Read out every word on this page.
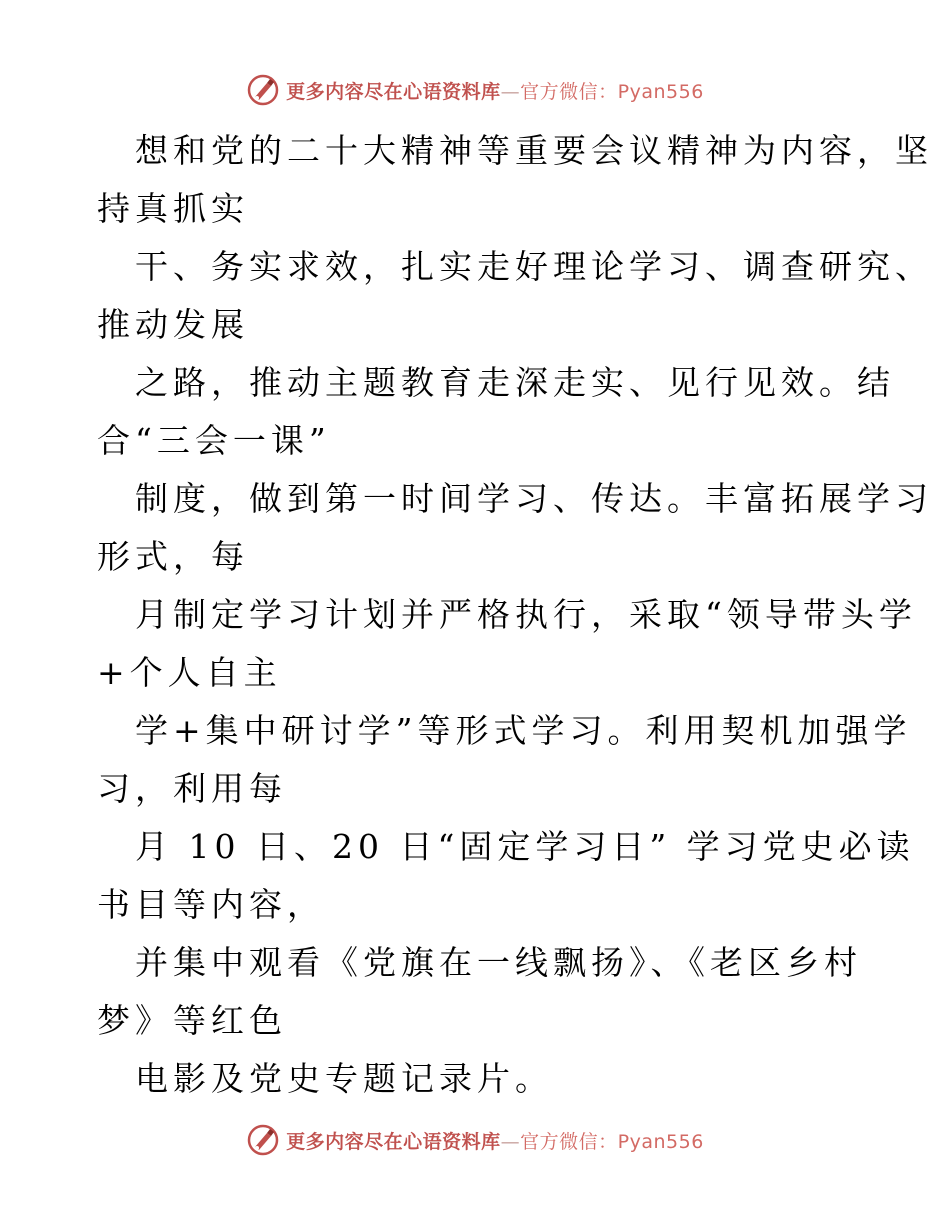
更多内容尽在心语资料库—官方微信：Pyan556
想和党的二十大精神等重要会议精神为内容，坚
持真抓实
干、务实求效，扎实走好理论学习、调查研究、
推动发展
之路，推动主题教育走深走实、见行见效。结
合“三会一课”
制度，做到第一时间学习、传达。丰富拓展学习
形式，每
月制定学习计划并严格执行，采取“领导带头学
+个人自主
学+集中研讨学”等形式学习。利用契机加强学
习，利用每
月 10 日、20 日“固定学习日” 学习党史必读
书目等内容，
并集中观看《党旗在一线飘扬》、《老区乡村
梦》等红色
电影及党史专题记录片。
更多内容尽在心语资料库—官方微信：Pyan556
